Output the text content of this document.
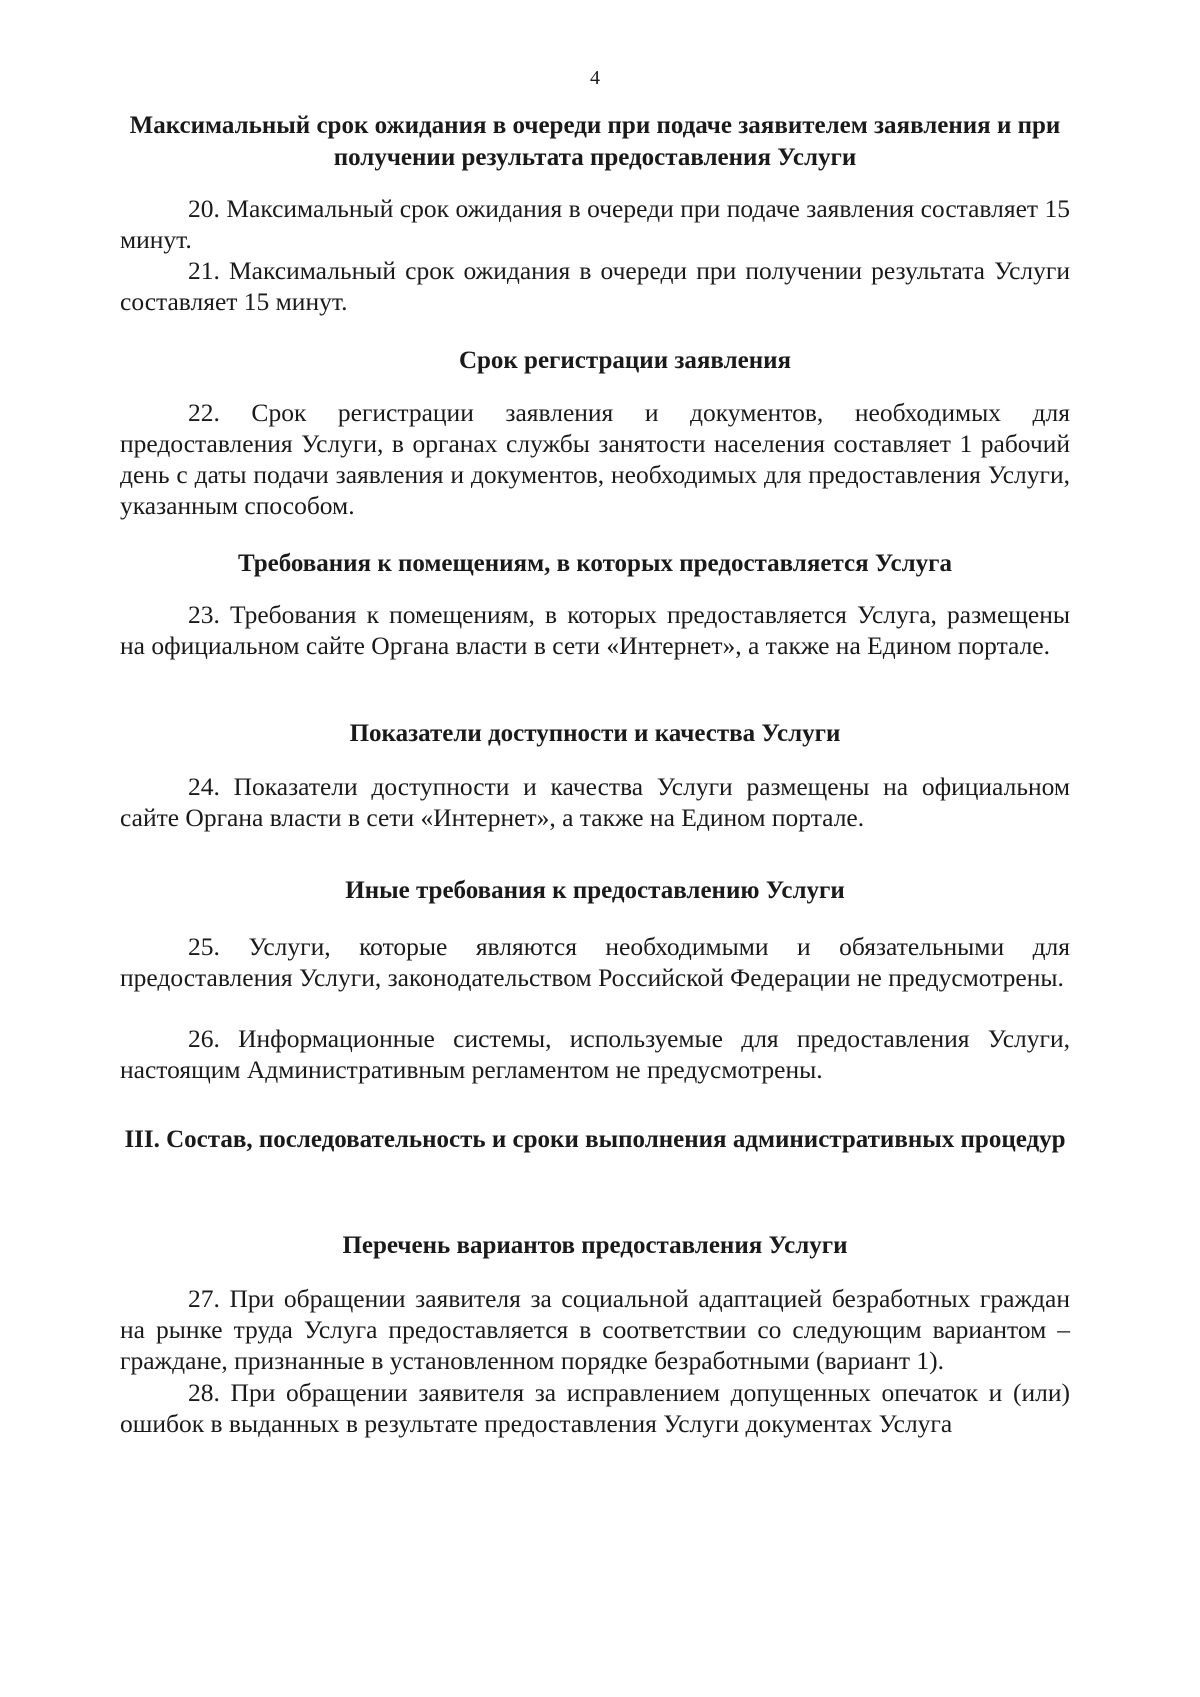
4
Максимальный срок ожидания в очереди при подаче заявителем заявления и при получении результата предоставления Услуги
20. Максимальный срок ожидания в очереди при подаче заявления составляет 15 минут.
21. Максимальный срок ожидания в очереди при получении результата Услуги составляет 15 минут.
Срок регистрации заявления
22. Срок регистрации заявления и документов, необходимых для предоставления Услуги, в органах службы занятости населения составляет 1 рабочий день с даты подачи заявления и документов, необходимых для предоставления Услуги, указанным способом.
Требования к помещениям, в которых предоставляется Услуга
23. Требования к помещениям, в которых предоставляется Услуга, размещены на официальном сайте Органа власти в сети «Интернет», а также на Едином портале.
Показатели доступности и качества Услуги
24. Показатели доступности и качества Услуги размещены на официальном сайте Органа власти в сети «Интернет», а также на Едином портале.
Иные требования к предоставлению Услуги
25. Услуги, которые являются необходимыми и обязательными для предоставления Услуги, законодательством Российской Федерации не предусмотрены.
26. Информационные системы, используемые для предоставления Услуги, настоящим Административным регламентом не предусмотрены.
III. Состав, последовательность и сроки выполнения административных процедур
Перечень вариантов предоставления Услуги
27. При обращении заявителя за социальной адаптацией безработных граждан на рынке труда Услуга предоставляется в соответствии со следующим вариантом – граждане, признанные в установленном порядке безработными (вариант 1).
28. При обращении заявителя за исправлением допущенных опечаток и (или) ошибок в выданных в результате предоставления Услуги документах Услуга
